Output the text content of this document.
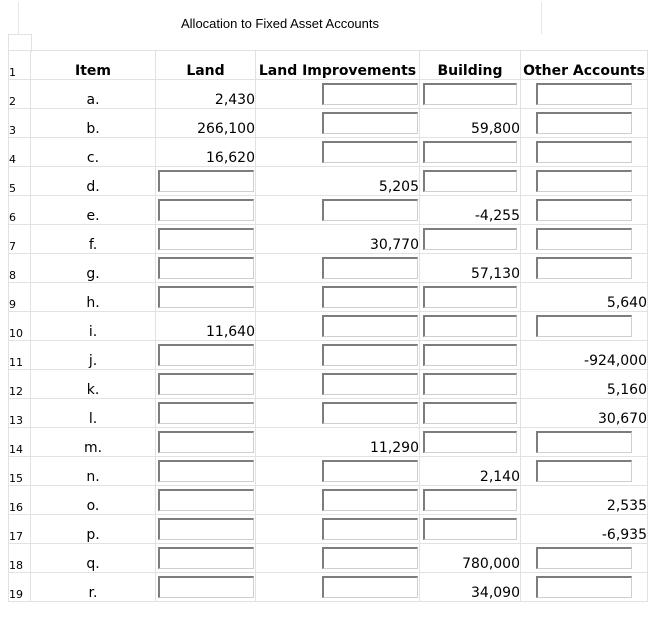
Allocation to Fixed Asset Accounts
1	Item	Land	Land Improvements	Building	Other Accounts
2	a.	2,430	

3	b.	266,100		59,800	

4	c.	16,620	

5	d.		5,205	

6	e.			-4,255	

7	f.		30,770	

8	g.			57,130	

9	h.				5,640
10	i.	11,640	

11	j.				-924,000
12	k.				5,160
13	l.				30,670
14	m.		11,290	

15	n.			2,140	

16	o.				2,535
17	p.				-6,935
18	q.			780,000	

19	r.			34,090	
